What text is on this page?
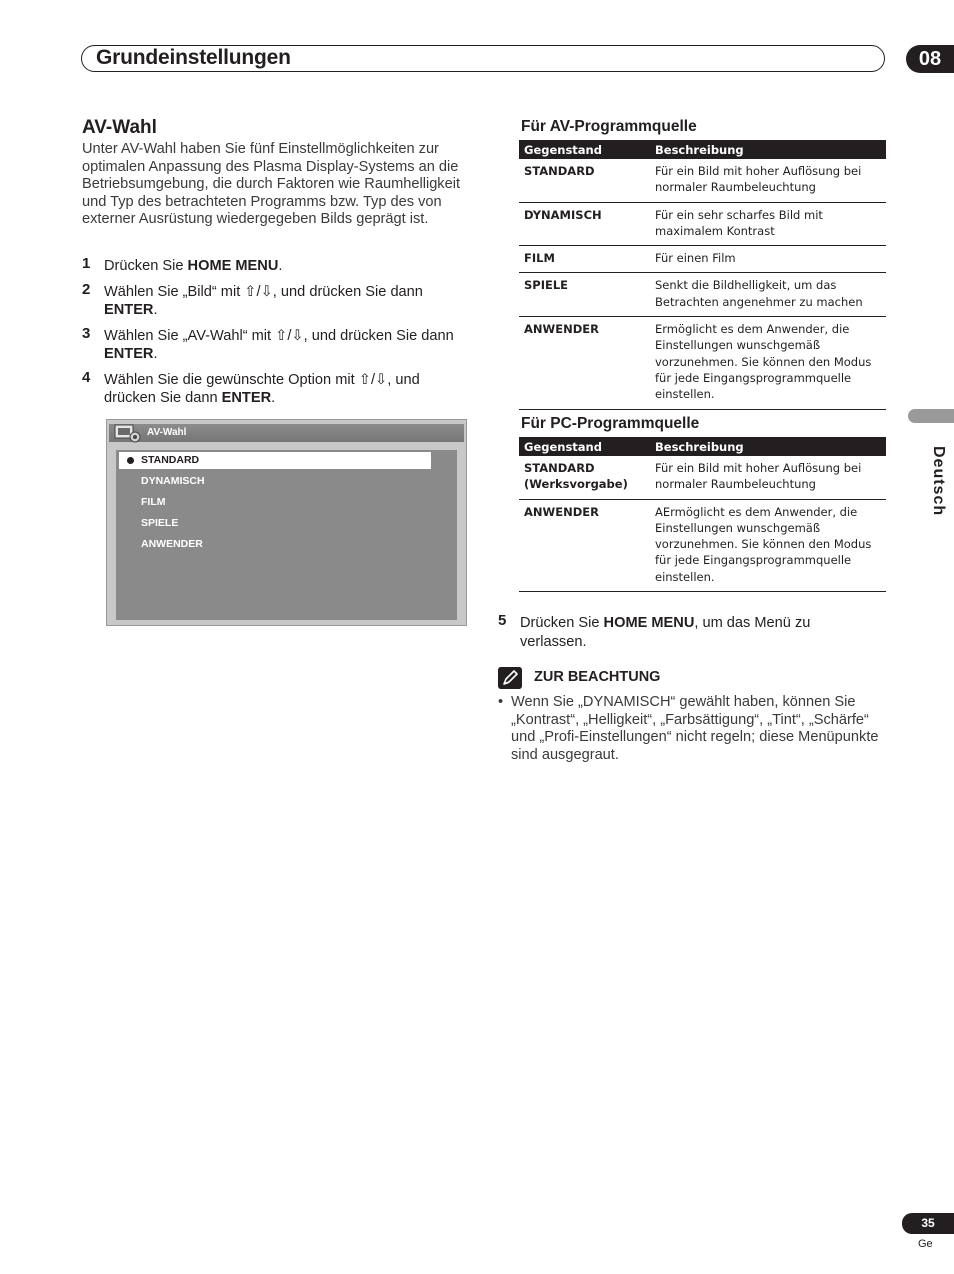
Grundeinstellungen	08
AV-Wahl
Unter AV-Wahl haben Sie fünf Einstellmöglichkeiten zur optimalen Anpassung des Plasma Display-Systems an die Betriebsumgebung, die durch Faktoren wie Raumhelligkeit und Typ des betrachteten Programms bzw. Typ des von externer Ausrüstung wiedergegeben Bilds geprägt ist.
1 Drücken Sie HOME MENU.
2 Wählen Sie „Bild“ mit ⇧/⇩, und drücken Sie dann ENTER.
3 Wählen Sie „AV-Wahl“ mit ⇧/⇩, und drücken Sie dann ENTER.
4 Wählen Sie die gewünschte Option mit ⇧/⇩, und drücken Sie dann ENTER.
AV-Wahl
STANDARD
DYNAMISCH
FILM
SPIELE
ANWENDER
Für AV-Programmquelle
Gegenstand	Beschreibung
STANDARD	Für ein Bild mit hoher Auflösung bei normaler Raumbeleuchtung
DYNAMISCH	Für ein sehr scharfes Bild mit maximalem Kontrast
FILM	Für einen Film
SPIELE	Senkt die Bildhelligkeit, um das Betrachten angenehmer zu machen
ANWENDER	Ermöglicht es dem Anwender, die Einstellungen wunschgemäß vorzunehmen. Sie können den Modus für jede Eingangsprogrammquelle einstellen.
Für PC-Programmquelle
Gegenstand	Beschreibung
STANDARD (Werksvorgabe)	Für ein Bild mit hoher Auflösung bei normaler Raumbeleuchtung
ANWENDER	AErmöglicht es dem Anwender, die Einstellungen wunschgemäß vorzunehmen. Sie können den Modus für jede Eingangsprogrammquelle einstellen.
5 Drücken Sie HOME MENU, um das Menü zu verlassen.
ZUR BEACHTUNG
• Wenn Sie „DYNAMISCH“ gewählt haben, können Sie „Kontrast“, „Helligkeit“, „Farbsättigung“, „Tint“, „Schärfe“ und „Profi-Einstellungen“ nicht regeln; diese Menüpunkte sind ausgegraut.
Deutsch
35
Ge
